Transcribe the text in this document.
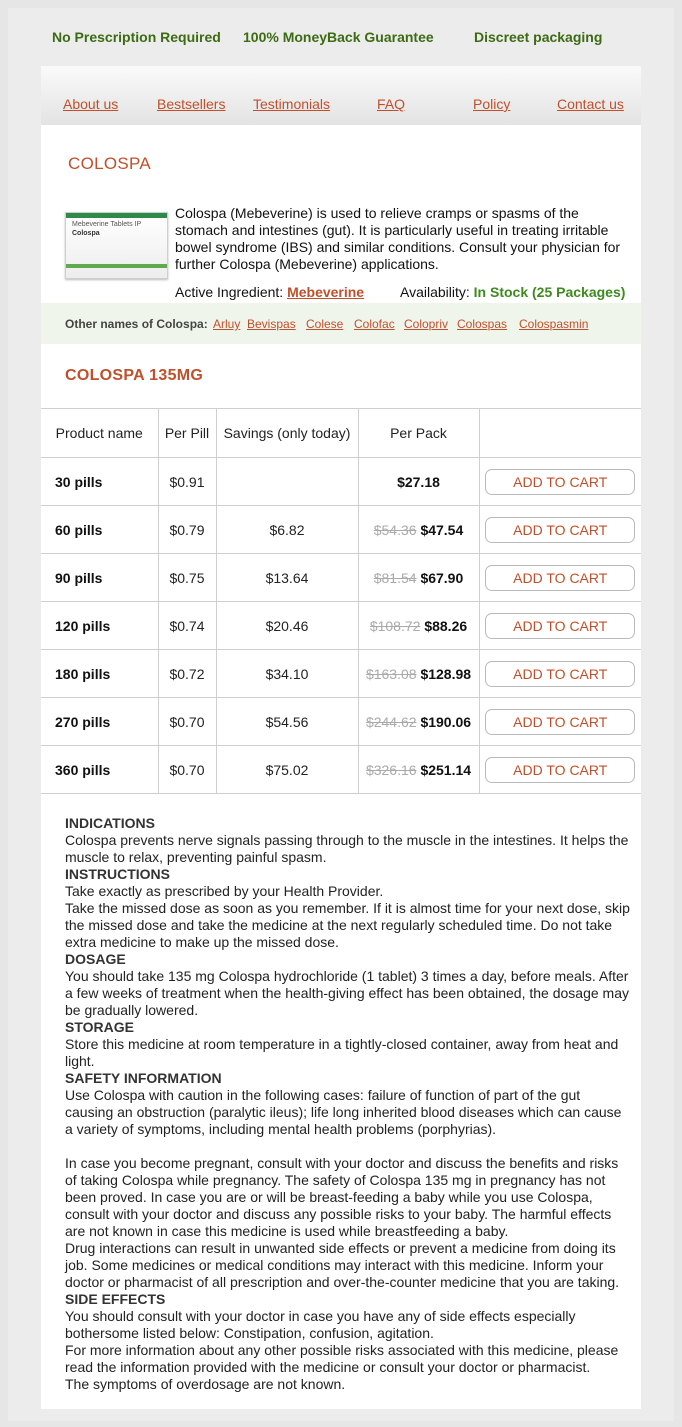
No Prescription Required 100% MoneyBack Guarantee	Discreet packaging
About us	Bestsellers Testimonials	FAQ	Policy	Contact us
COLOSPA
Mebeverine Tablets IP
Colospa
Colospa (Mebeverine) is used to relieve cramps or spasms of the stomach and intestines (gut). It is particularly useful in treating irritable bowel syndrome (IBS) and similar conditions. Consult your physician for further Colospa (Mebeverine) applications.
Active Ingredient: Mebeverine	Availability: In Stock (25 Packages)
Other names of Colospa: Arluy Bevispas Colese Colofac Colopriv Colospas Colospasmin
COLOSPA 135MG
Product name	Per Pill	Savings (only today)	Per Pack	
30 pills	$0.91		$27.18	ADD TO CART
60 pills	$0.79	$6.82	$54.36 $47.54	ADD TO CART
90 pills	$0.75	$13.64	$81.54 $67.90	ADD TO CART
120 pills	$0.74	$20.46	$108.72 $88.26	ADD TO CART
180 pills	$0.72	$34.10	$163.08 $128.98	ADD TO CART
270 pills	$0.70	$54.56	$244.62 $190.06	ADD TO CART
360 pills	$0.70	$75.02	$326.16 $251.14	ADD TO CART
INDICATIONS
Colospa prevents nerve signals passing through to the muscle in the intestines. It helps the muscle to relax, preventing painful spasm.
INSTRUCTIONS
Take exactly as prescribed by your Health Provider.
Take the missed dose as soon as you remember. If it is almost time for your next dose, skip the missed dose and take the medicine at the next regularly scheduled time. Do not take extra medicine to make up the missed dose.
DOSAGE
You should take 135 mg Colospa hydrochloride (1 tablet) 3 times a day, before meals. After a few weeks of treatment when the health-giving effect has been obtained, the dosage may be gradually lowered.
STORAGE
Store this medicine at room temperature in a tightly-closed container, away from heat and light.
SAFETY INFORMATION
Use Colospa with caution in the following cases: failure of function of part of the gut causing an obstruction (paralytic ileus); life long inherited blood diseases which can cause a variety of symptoms, including mental health problems (porphyrias).
In case you become pregnant, consult with your doctor and discuss the benefits and risks of taking Colospa while pregnancy. The safety of Colospa 135 mg in pregnancy has not been proved. In case you are or will be breast-feeding a baby while you use Colospa, consult with your doctor and discuss any possible risks to your baby. The harmful effects are not known in case this medicine is used while breastfeeding a baby.
Drug interactions can result in unwanted side effects or prevent a medicine from doing its job. Some medicines or medical conditions may interact with this medicine. Inform your doctor or pharmacist of all prescription and over-the-counter medicine that you are taking.
SIDE EFFECTS
You should consult with your doctor in case you have any of side effects especially bothersome listed below: Constipation, confusion, agitation.
For more information about any other possible risks associated with this medicine, please read the information provided with the medicine or consult your doctor or pharmacist.
The symptoms of overdosage are not known.
